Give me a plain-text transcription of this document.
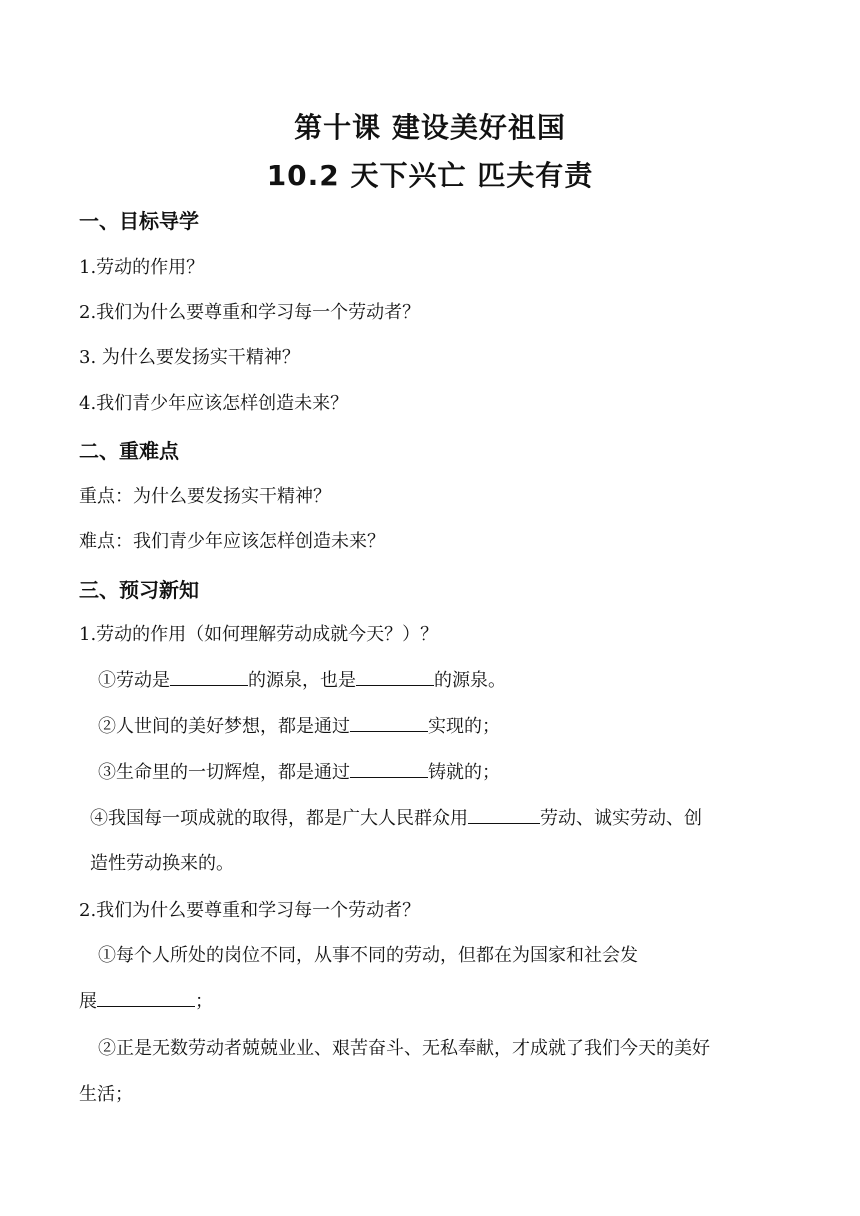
第十课 建设美好祖国
10.2 天下兴亡 匹夫有责
一、目标导学
1.劳动的作用？
2.我们为什么要尊重和学习每一个劳动者？
3. 为什么要发扬实干精神？
4.我们青少年应该怎样创造未来？
二、重难点
重点：为什么要发扬实干精神？
难点：我们青少年应该怎样创造未来？
三、预习新知
1.劳动的作用（如何理解劳动成就今天？）？
①劳动是	的源泉，也是	的源泉。
②人世间的美好梦想，都是通过	实现的；
③生命里的一切辉煌，都是通过	铸就的；
④我国每一项成就的取得，都是广大人民群众用	劳动、诚实劳动、创
造性劳动换来的。
2.我们为什么要尊重和学习每一个劳动者？
①每个人所处的岗位不同，从事不同的劳动，但都在为国家和社会发
展	；
②正是无数劳动者兢兢业业、艰苦奋斗、无私奉献，才成就了我们今天的美好
生活；
